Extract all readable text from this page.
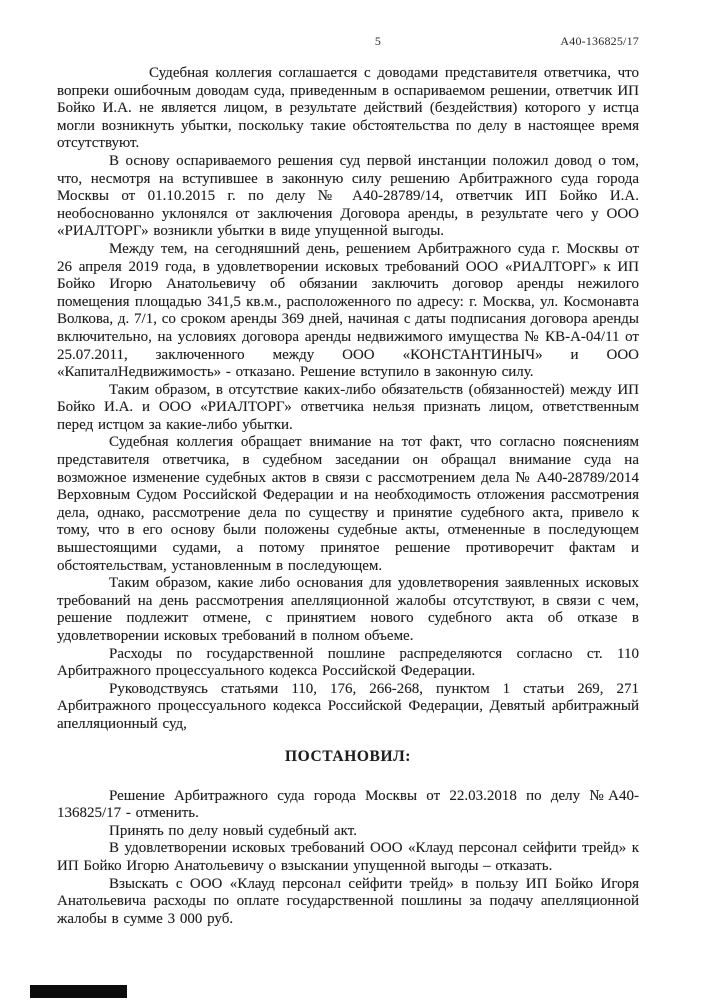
5	А40-136825/17

Судебная коллегия соглашается с доводами представителя ответчика, что вопреки ошибочным доводам суда, приведенным в оспариваемом решении, ответчик ИП Бойко И.А. не является лицом, в результате действий (бездействия) которого у истца могли возникнуть убытки, поскольку такие обстоятельства по делу в настоящее время отсутствуют.

В основу оспариваемого решения суд первой инстанции положил довод о том, что, несмотря на вступившее в законную силу решению Арбитражного суда города Москвы от 01.10.2015 г. по делу № А40-28789/14, ответчик ИП Бойко И.А. необоснованно уклонялся от заключения Договора аренды, в результате чего у ООО «РИАЛТОРГ» возникли убытки в виде упущенной выгоды.

Между тем, на сегодняшний день, решением Арбитражного суда г. Москвы от 26 апреля 2019 года, в удовлетворении исковых требований ООО «РИАЛТОРГ» к ИП Бойко Игорю Анатольевичу об обязании заключить договор аренды нежилого помещения площадью 341,5 кв.м., расположенного по адресу: г. Москва, ул. Космонавта Волкова, д. 7/1, со сроком аренды 369 дней, начиная с даты подписания договора аренды включительно, на условиях договора аренды недвижимого имущества № КВ-А-04/11 от 25.07.2011, заключенного между ООО «КОНСТАНТИНЫЧ» и ООО «КапиталНедвижимость» - отказано. Решение вступило в законную силу.

Таким образом, в отсутствие каких-либо обязательств (обязанностей) между ИП Бойко И.А. и ООО «РИАЛТОРГ» ответчика нельзя признать лицом, ответственным перед истцом за какие-либо убытки.

Судебная коллегия обращает внимание на тот факт, что согласно пояснениям представителя ответчика, в судебном заседании он обращал внимание суда на возможное изменение судебных актов в связи с рассмотрением дела № А40-28789/2014 Верховным Судом Российской Федерации и на необходимость отложения рассмотрения дела, однако, рассмотрение дела по существу и принятие судебного акта, привело к тому, что в его основу были положены судебные акты, отмененные в последующем вышестоящими судами, а потому принятое решение противоречит фактам и обстоятельствам, установленным в последующем.

Таким образом, какие либо основания для удовлетворения заявленных исковых требований на день рассмотрения апелляционной жалобы отсутствуют, в связи с чем, решение подлежит отмене, с принятием нового судебного акта об отказе в удовлетворении исковых требований в полном объеме.

Расходы по государственной пошлине распределяются согласно ст. 110 Арбитражного процессуального кодекса Российской Федерации.

Руководствуясь статьями 110, 176, 266-268, пунктом 1 статьи 269, 271 Арбитражного процессуального кодекса Российской Федерации, Девятый арбитражный апелляционный суд,

ПОСТАНОВИЛ:

Решение Арбитражного суда города Москвы от 22.03.2018 по делу №А40-136825/17 - отменить.

Принять по делу новый судебный акт.

В удовлетворении исковых требований ООО «Клауд персонал сейфити трейд» к ИП Бойко Игорю Анатольевичу о взыскании упущенной выгоды – отказать.

Взыскать с ООО «Клауд персонал сейфити трейд» в пользу ИП Бойко Игоря Анатольевича расходы по оплате государственной пошлины за подачу апелляционной жалобы в сумме 3 000 руб.
